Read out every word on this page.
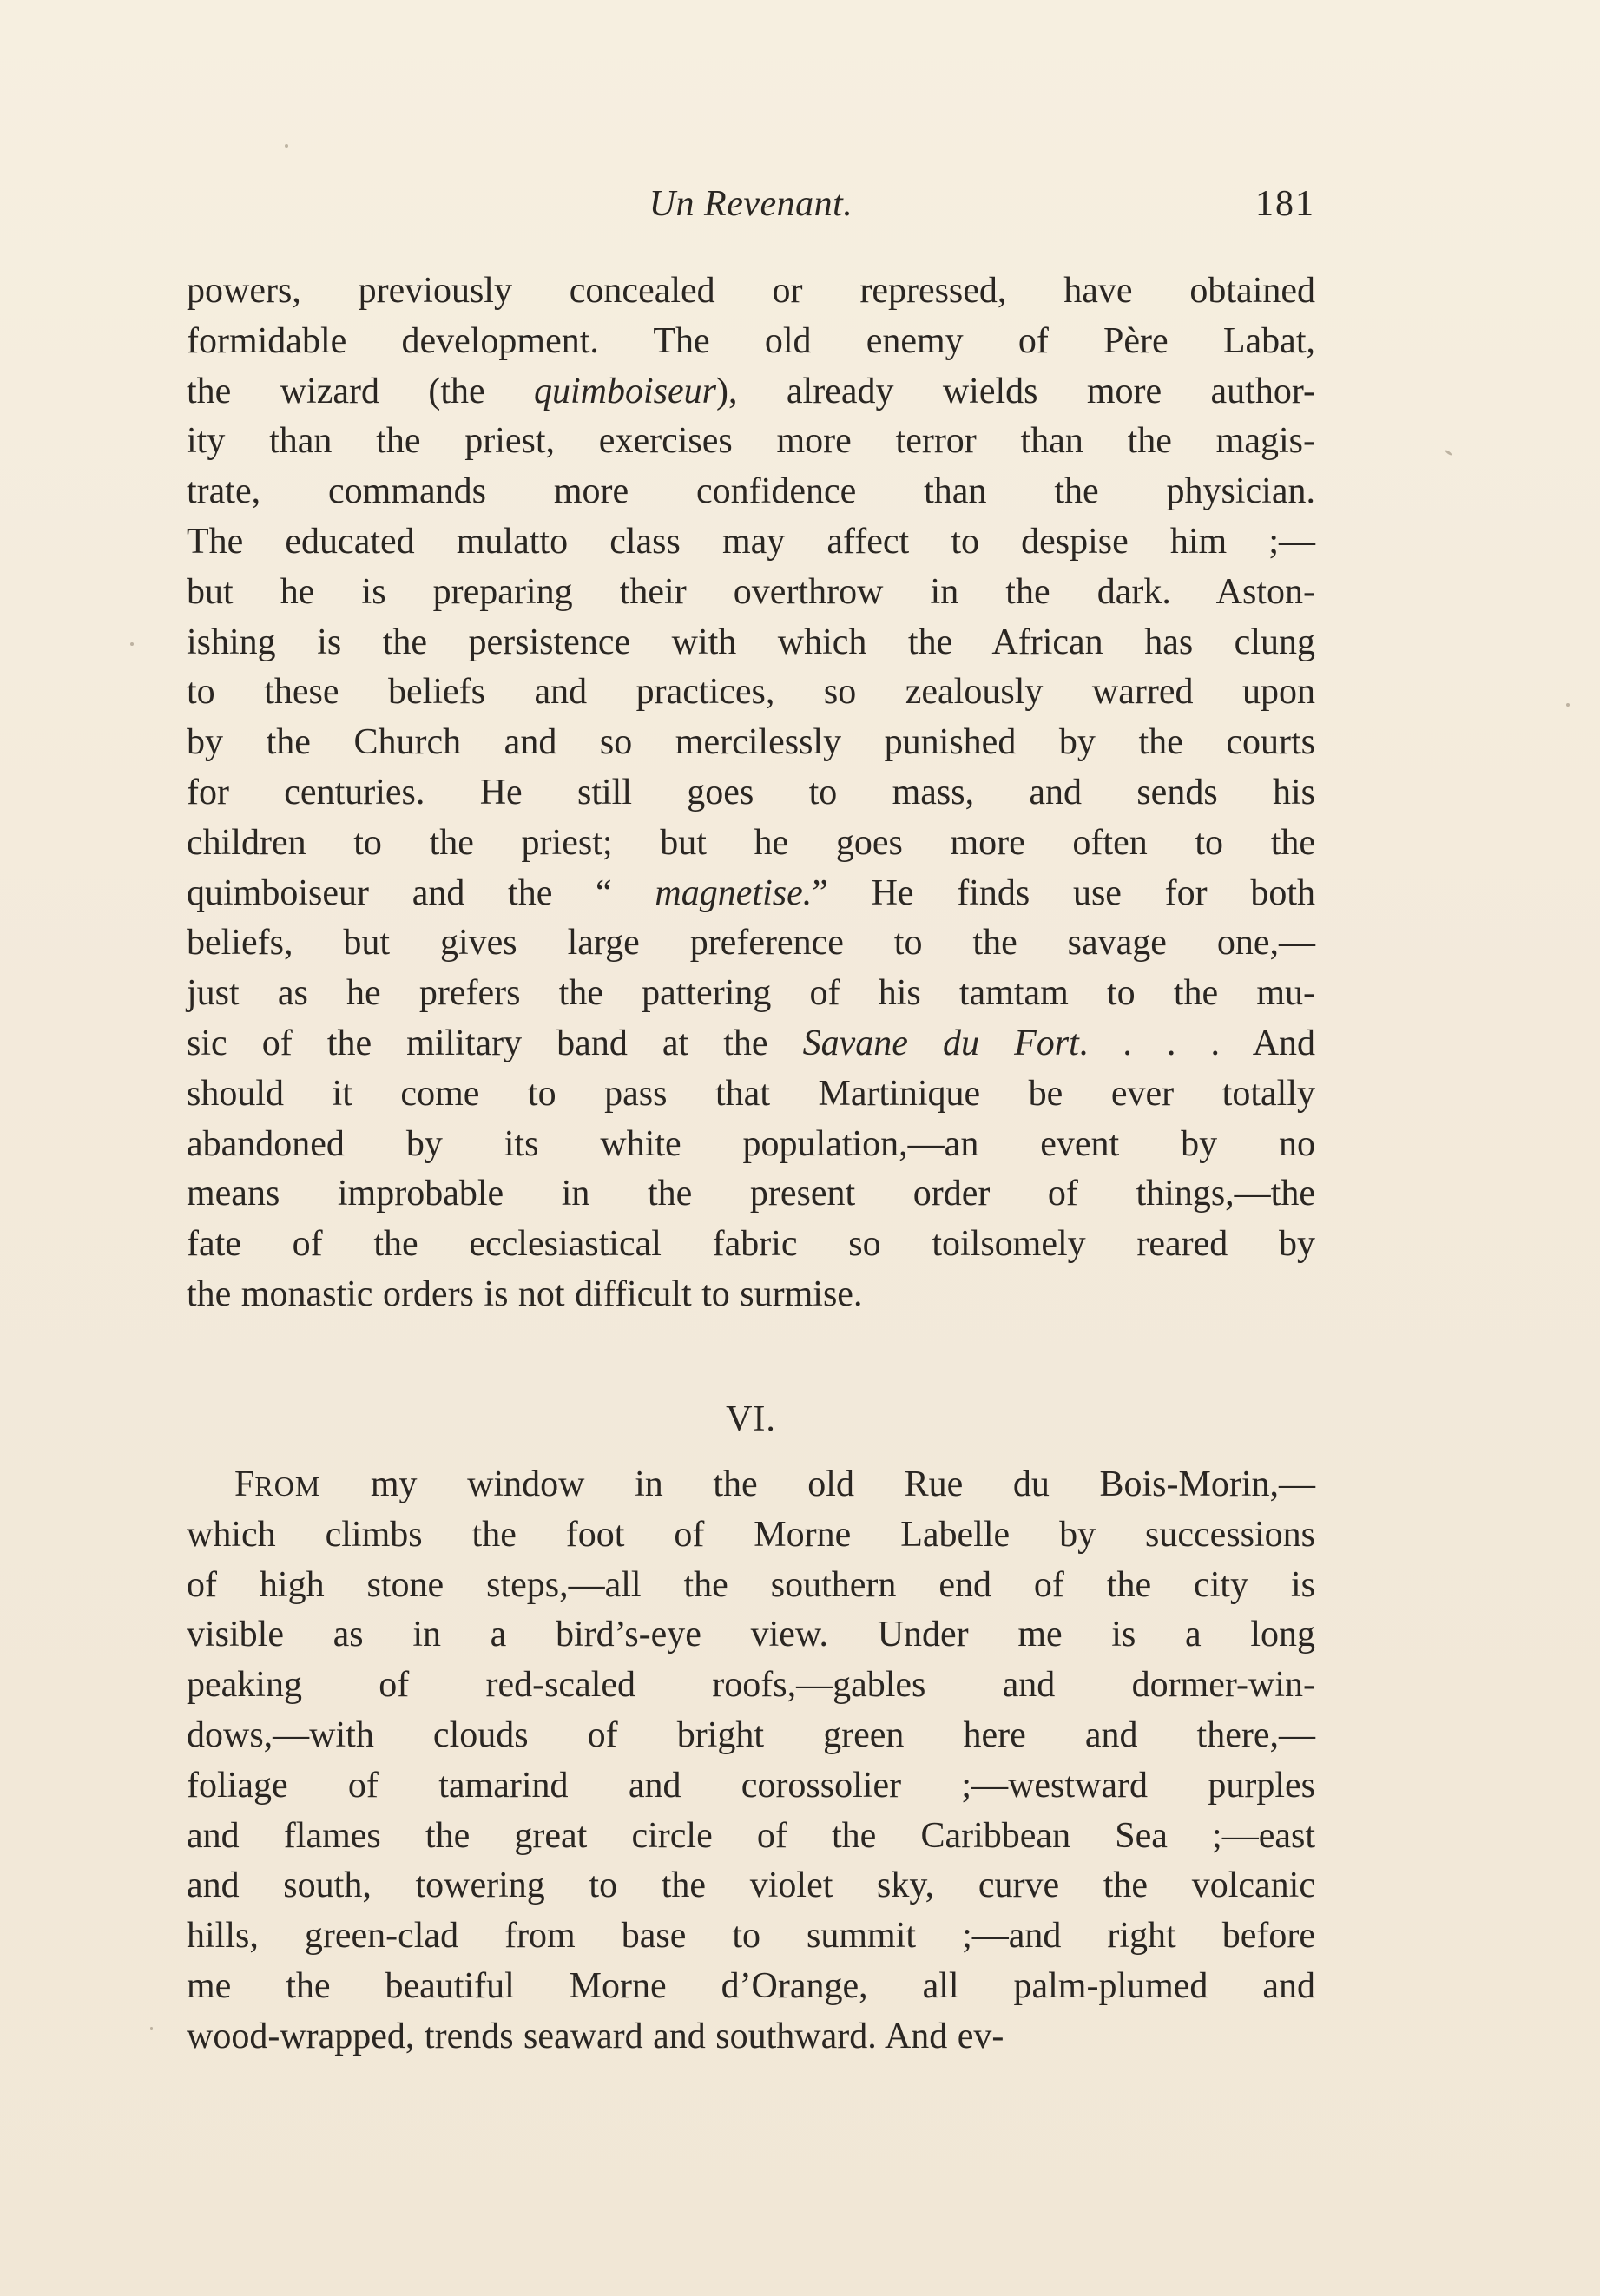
Un Revenant.	181
powers, previously concealed or repressed, have obtained
formidable development. The old enemy of Père Labat,
the wizard (the quimboiseur), already wields more author-
ity than the priest, exercises more terror than the magis-
trate, commands more confidence than the physician.
The educated mulatto class may affect to despise him ;—
but he is preparing their overthrow in the dark. Aston-
ishing is the persistence with which the African has clung
to these beliefs and practices, so zealously warred upon
by the Church and so mercilessly punished by the courts
for centuries. He still goes to mass, and sends his
children to the priest; but he goes more often to the
quimboiseur and the “ magnetise.” He finds use for both
beliefs, but gives large preference to the savage one,—
just as he prefers the pattering of his tamtam to the mu-
sic of the military band at the Savane du Fort. . . . And
should it come to pass that Martinique be ever totally
abandoned by its white population,—an event by no
means improbable in the present order of things,—the
fate of the ecclesiastical fabric so toilsomely reared by
the monastic orders is not difficult to surmise.
VI.
FROM my window in the old Rue du Bois-Morin,—
which climbs the foot of Morne Labelle by successions
of high stone steps,—all the southern end of the city is
visible as in a bird’s-eye view. Under me is a long
peaking of red-scaled roofs,—gables and dormer-win-
dows,—with clouds of bright green here and there,—
foliage of tamarind and corossolier ;—westward purples
and flames the great circle of the Caribbean Sea ;—east
and south, towering to the violet sky, curve the volcanic
hills, green-clad from base to summit ;—and right before
me the beautiful Morne d’Orange, all palm-plumed and
wood-wrapped, trends seaward and southward. And ev-
